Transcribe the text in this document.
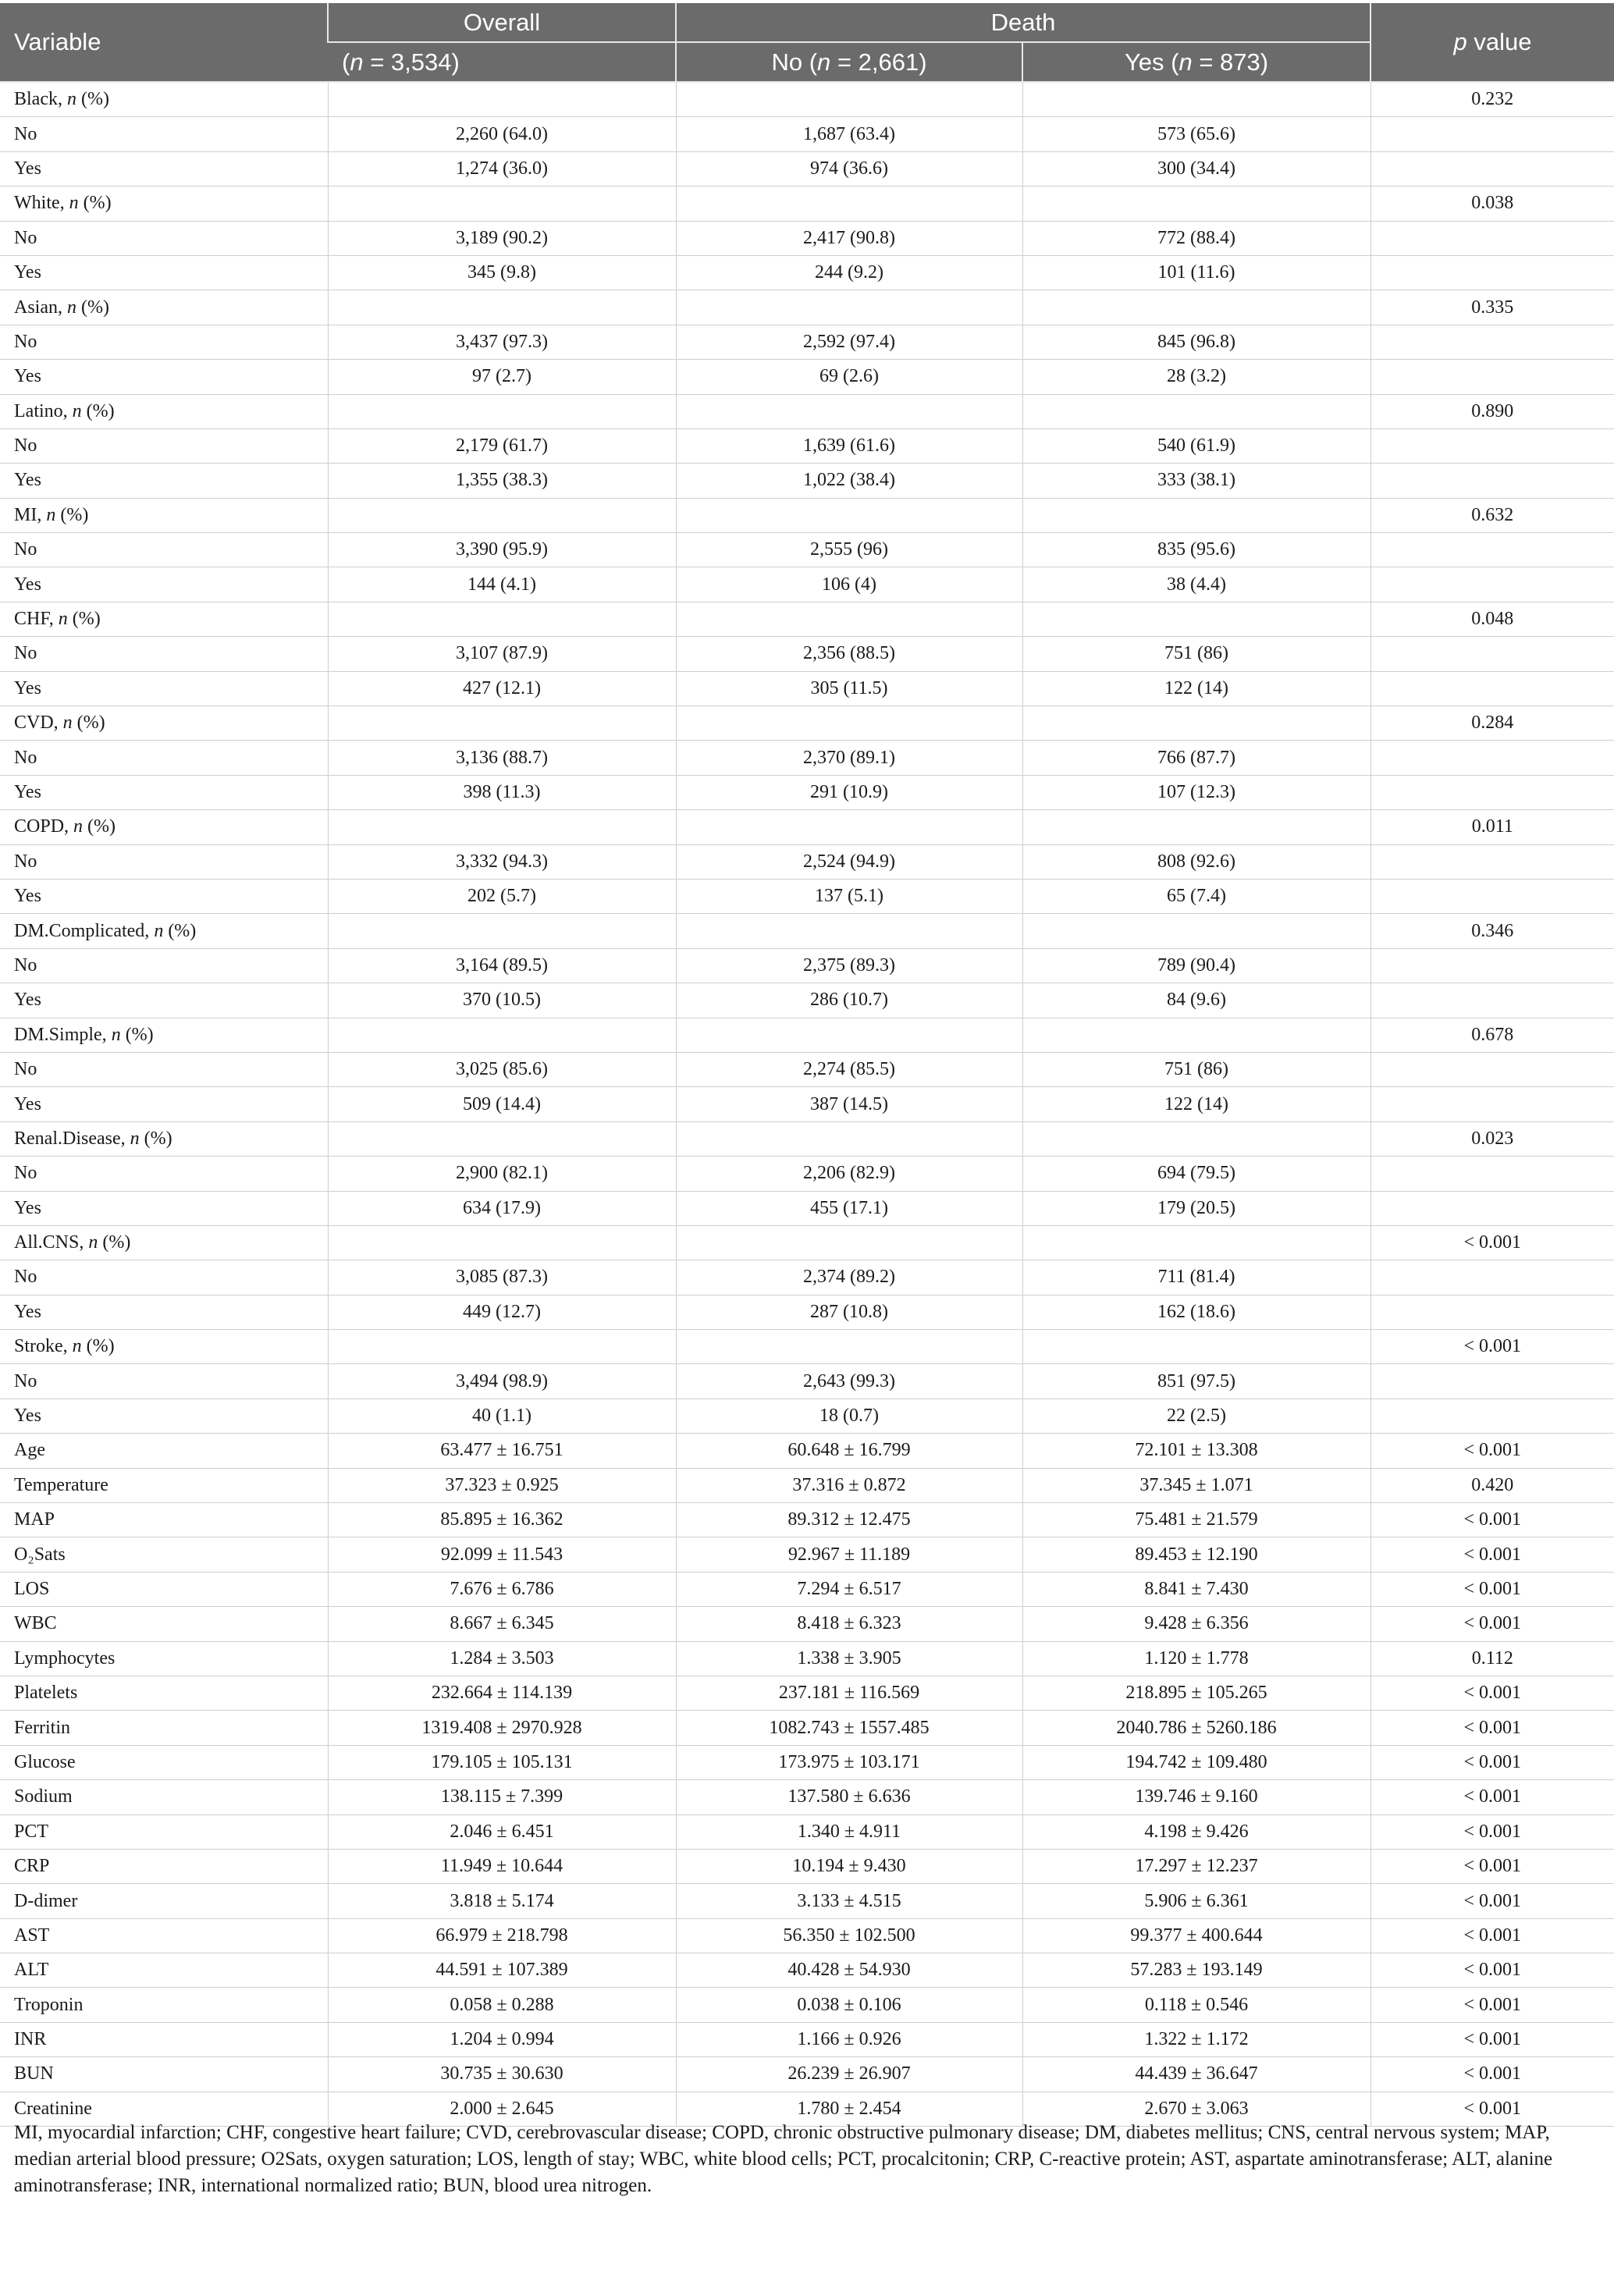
Variable	Overall	Death		p value
	(n = 3,534)	No (n = 2,661)	Yes (n = 873)	
Black, n (%)				0.232
No	2,260 (64.0)	1,687 (63.4)	573 (65.6)	
Yes	1,274 (36.0)	974 (36.6)	300 (34.4)	
White, n (%)				0.038
No	3,189 (90.2)	2,417 (90.8)	772 (88.4)	
Yes	345 (9.8)	244 (9.2)	101 (11.6)	
Asian, n (%)				0.335
No	3,437 (97.3)	2,592 (97.4)	845 (96.8)	
Yes	97 (2.7)	69 (2.6)	28 (3.2)	
Latino, n (%)				0.890
No	2,179 (61.7)	1,639 (61.6)	540 (61.9)	
Yes	1,355 (38.3)	1,022 (38.4)	333 (38.1)	
MI, n (%)				0.632
No	3,390 (95.9)	2,555 (96)	835 (95.6)	
Yes	144 (4.1)	106 (4)	38 (4.4)	
CHF, n (%)				0.048
No	3,107 (87.9)	2,356 (88.5)	751 (86)	
Yes	427 (12.1)	305 (11.5)	122 (14)	
CVD, n (%)				0.284
No	3,136 (88.7)	2,370 (89.1)	766 (87.7)	
Yes	398 (11.3)	291 (10.9)	107 (12.3)	
COPD, n (%)				0.011
No	3,332 (94.3)	2,524 (94.9)	808 (92.6)	
Yes	202 (5.7)	137 (5.1)	65 (7.4)	
DM.Complicated, n (%)				0.346
No	3,164 (89.5)	2,375 (89.3)	789 (90.4)	
Yes	370 (10.5)	286 (10.7)	84 (9.6)	
DM.Simple, n (%)				0.678
No	3,025 (85.6)	2,274 (85.5)	751 (86)	
Yes	509 (14.4)	387 (14.5)	122 (14)	
Renal.Disease, n (%)				0.023
No	2,900 (82.1)	2,206 (82.9)	694 (79.5)	
Yes	634 (17.9)	455 (17.1)	179 (20.5)	
All.CNS, n (%)				< 0.001
No	3,085 (87.3)	2,374 (89.2)	711 (81.4)	
Yes	449 (12.7)	287 (10.8)	162 (18.6)	
Stroke, n (%)				< 0.001
No	3,494 (98.9)	2,643 (99.3)	851 (97.5)	
Yes	40 (1.1)	18 (0.7)	22 (2.5)	
Age	63.477 ± 16.751	60.648 ± 16.799	72.101 ± 13.308	< 0.001
Temperature	37.323 ± 0.925	37.316 ± 0.872	37.345 ± 1.071	0.420
MAP	85.895 ± 16.362	89.312 ± 12.475	75.481 ± 21.579	< 0.001
O₂Sats	92.099 ± 11.543	92.967 ± 11.189	89.453 ± 12.190	< 0.001
LOS	7.676 ± 6.786	7.294 ± 6.517	8.841 ± 7.430	< 0.001
WBC	8.667 ± 6.345	8.418 ± 6.323	9.428 ± 6.356	< 0.001
Lymphocytes	1.284 ± 3.503	1.338 ± 3.905	1.120 ± 1.778	0.112
Platelets	232.664 ± 114.139	237.181 ± 116.569	218.895 ± 105.265	< 0.001
Ferritin	1319.408 ± 2970.928	1082.743 ± 1557.485	2040.786 ± 5260.186	< 0.001
Glucose	179.105 ± 105.131	173.975 ± 103.171	194.742 ± 109.480	< 0.001
Sodium	138.115 ± 7.399	137.580 ± 6.636	139.746 ± 9.160	< 0.001
PCT	2.046 ± 6.451	1.340 ± 4.911	4.198 ± 9.426	< 0.001
CRP	11.949 ± 10.644	10.194 ± 9.430	17.297 ± 12.237	< 0.001
D-dimer	3.818 ± 5.174	3.133 ± 4.515	5.906 ± 6.361	< 0.001
AST	66.979 ± 218.798	56.350 ± 102.500	99.377 ± 400.644	< 0.001
ALT	44.591 ± 107.389	40.428 ± 54.930	57.283 ± 193.149	< 0.001
Troponin	0.058 ± 0.288	0.038 ± 0.106	0.118 ± 0.546	< 0.001
INR	1.204 ± 0.994	1.166 ± 0.926	1.322 ± 1.172	< 0.001
BUN	30.735 ± 30.630	26.239 ± 26.907	44.439 ± 36.647	< 0.001
Creatinine	2.000 ± 2.645	1.780 ± 2.454	2.670 ± 3.063	< 0.001
MI, myocardial infarction; CHF, congestive heart failure; CVD, cerebrovascular disease; COPD, chronic obstructive pulmonary disease; DM, diabetes mellitus; CNS, central nervous system; MAP, median arterial blood pressure; O2Sats, oxygen saturation; LOS, length of stay; WBC, white blood cells; PCT, procalcitonin; CRP, C-reactive protein; AST, aspartate aminotransferase; ALT, alanine aminotransferase; INR, international normalized ratio; BUN, blood urea nitrogen.
